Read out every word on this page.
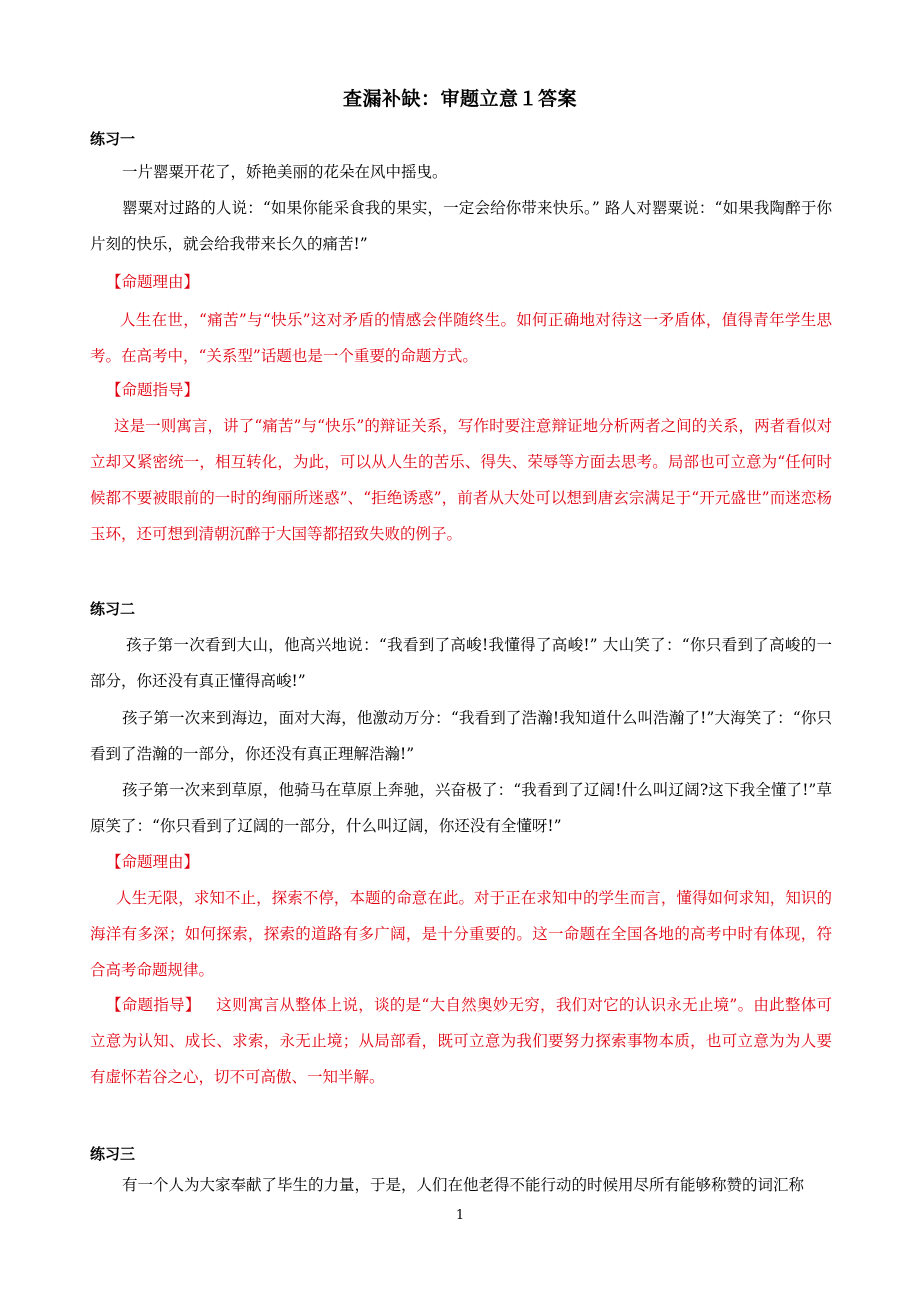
查漏补缺：审题立意１答案
练习一

一片罂粟开花了，娇艳美丽的花朵在风中摇曳。

罂粟对过路的人说：“如果你能采食我的果实，一定会给你带来快乐。” 路人对罂粟说：“如果我陶醉于你片刻的快乐，就会给我带来长久的痛苦!”

【命题理由】

人生在世，“痛苦”与“快乐”这对矛盾的情感会伴随终生。如何正确地对待这一矛盾体，值得青年学生思考。在高考中，“关系型”话题也是一个重要的命题方式。

【命题指导】

这是一则寓言，讲了“痛苦”与“快乐”的辩证关系，写作时要注意辩证地分析两者之间的关系，两者看似对立却又紧密统一，相互转化，为此，可以从人生的苦乐、得失、荣辱等方面去思考。局部也可立意为“任何时候都不要被眼前的一时的绚丽所迷惑”、“拒绝诱惑”，前者从大处可以想到唐玄宗满足于“开元盛世”而迷恋杨玉环，还可想到清朝沉醉于大国等都招致失败的例子。

练习二

孩子第一次看到大山，他高兴地说：“我看到了高峻!我懂得了高峻!” 大山笑了：“你只看到了高峻的一部分，你还没有真正懂得高峻!”

孩子第一次来到海边，面对大海，他激动万分：“我看到了浩瀚!我知道什么叫浩瀚了!”大海笑了：“你只看到了浩瀚的一部分，你还没有真正理解浩瀚!”

孩子第一次来到草原，他骑马在草原上奔驰，兴奋极了：“我看到了辽阔!什么叫辽阔?这下我全懂了!”草原笑了：“你只看到了辽阔的一部分，什么叫辽阔，你还没有全懂呀!”

【命题理由】

人生无限，求知不止，探索不停，本题的命意在此。对于正在求知中的学生而言，懂得如何求知，知识的海洋有多深；如何探索，探索的道路有多广阔，是十分重要的。这一命题在全国各地的高考中时有体现，符合高考命题规律。

【命题指导】 这则寓言从整体上说，谈的是“大自然奥妙无穷，我们对它的认识永无止境”。由此整体可立意为认知、成长、求索，永无止境；从局部看，既可立意为我们要努力探索事物本质，也可立意为为人要有虚怀若谷之心，切不可高傲、一知半解。

练习三

有一个人为大家奉献了毕生的力量，于是，人们在他老得不能行动的时候用尽所有能够称赞的词汇称

1
